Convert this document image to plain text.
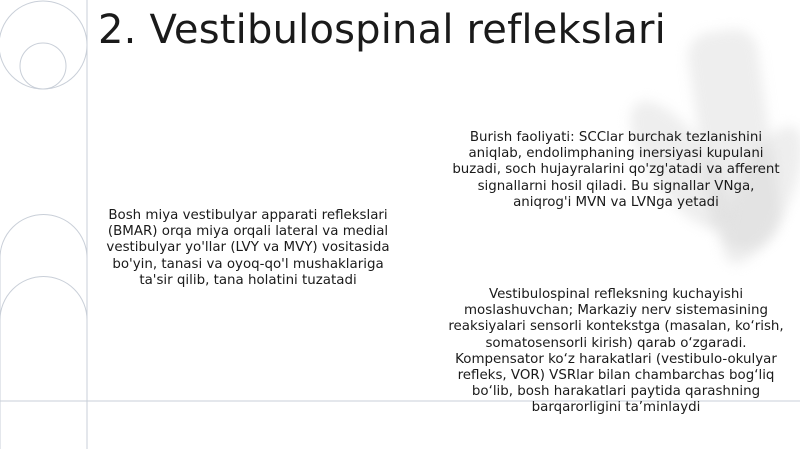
2. Vestibulospinal reflekslari
Bosh miya vestibulyar apparati reflekslari (BMAR) orqa miya orqali lateral va medial vestibulyar yo'llar (LVY va MVY) vositasida bo'yin, tanasi va oyoq-qo'l mushaklariga ta'sir qilib, tana holatini tuzatadi
Burish faoliyati: SCClar burchak tezlanishini aniqlab, endolimphaning inersiyasi kupulani buzadi, soch hujayralarini qo'zg'atadi va afferent signallarni hosil qiladi. Bu signallar VNga, aniqrog'i MVN va LVNga yetadi
Vestibulospinal refleksning kuchayishi moslashuvchan; Markaziy nerv sistemasining reaksiyalari sensorli kontekstga (masalan, ko‘rish, somatosensorli kirish) qarab o‘zgaradi. Kompensator ko‘z harakatlari (vestibulo-okulyar refleks, VOR) VSRlar bilan chambarchas bog‘liq bo‘lib, bosh harakatlari paytida qarashning barqarorligini ta’minlaydi
